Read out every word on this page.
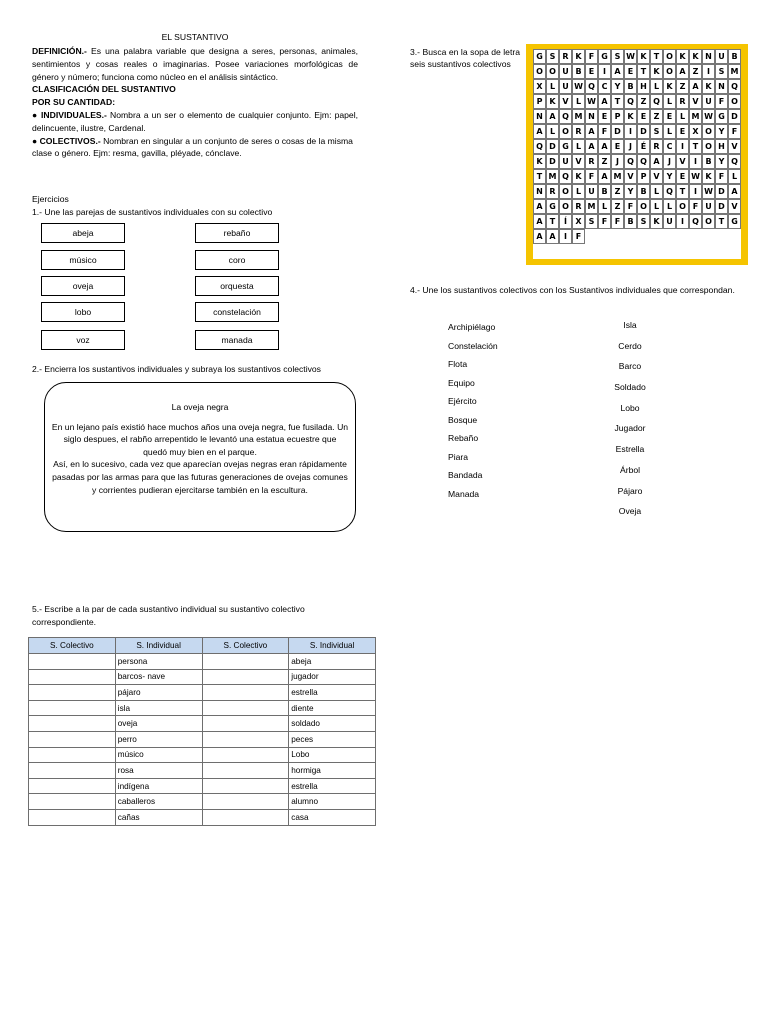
EL SUSTANTIVO

DEFINICIÓN.- Es una palabra variable que designa a seres, personas, animales, sentimientos y cosas reales o imaginarias. Posee variaciones morfológicas de género y número; funciona como núcleo en el análisis sintáctico.

CLASIFICACIÓN DEL SUSTANTIVO

POR SU CANTIDAD:

● INDIVIDUALES.- Nombra a un ser o elemento de cualquier conjunto. Ejm: papel, delincuente, ilustre, Cardenal.

● COLECTIVOS.- Nombran en singular a un conjunto de seres o cosas de la misma

clase o género. Ejm: resma, gavilla, pléyade, cónclave.

Ejercicios
1.- Une las parejas de sustantivos individuales con su colectivo
abeja	rebaño
músico	coro
oveja	orquesta
lobo	constelación
voz	manada
2.- Encierra los sustantivos individuales y subraya los sustantivos colectivos
La oveja negra

En un lejano país existió hace muchos años una oveja negra, fue fusilada. Un siglo despues, el rabño arrepentido le levantó una estatua ecuestre que quedó muy bien en el parque.

Así, en lo sucesivo, cada vez que aparecían ovejas negras eran rápidamente pasadas por las armas para que las futuras generaciones de ovejas comunes y corrientes pudieran ejercitarse también en la escultura.

5.- Escribe a la par de cada sustantivo individual su sustantivo colectivo correspondiente.
S. Colectivo	S. Individual	S. Colectivo	S. Individual
	persona		abeja
	barcos- nave		jugador
	pájaro		estrella
	isla		diente
	oveja		soldado
	perro		peces
	músico		Lobo
	rosa		hormiga
	indígena		estrella
	caballeros		alumno
	cañas		casa
3.- Busca en la sopa de letra seis sustantivos colectivos
G S R K F G S W K T O K K N U B
O O U B E	I	A E T K O A Z	I	S M
X L U W Q C Y B H L K Z A K N Q
P K V L W A T Q Z Q L R V U F O
N A Q M N E P K E Z E L M W G D
A L O R A F D	I	D S L E X O Y F
Q D G L A A E	J	É R C	I	T O H V
K D U V R Z	J	Q Q A	J	V	I	B Y Q
T M Q K F A M V P V Y E W K F L
N R O L U B Z Y B L Q T	I W D A
A G O R M L Z F O L L O F U D V
A T	Í	X S F F B S K U	I	Q O T G
A A	I	F
4.- Une los sustantivos colectivos con los Sustantivos individuales que correspondan.
Archipiélago
Constelación
Flota
Equipo
Ejército
Bosque
Rebaño
Piara
Bandada
Manada
Isla
Cerdo
Barco
Soldado
Lobo
Jugador
Estrella
Árbol
Pájaro
Oveja
